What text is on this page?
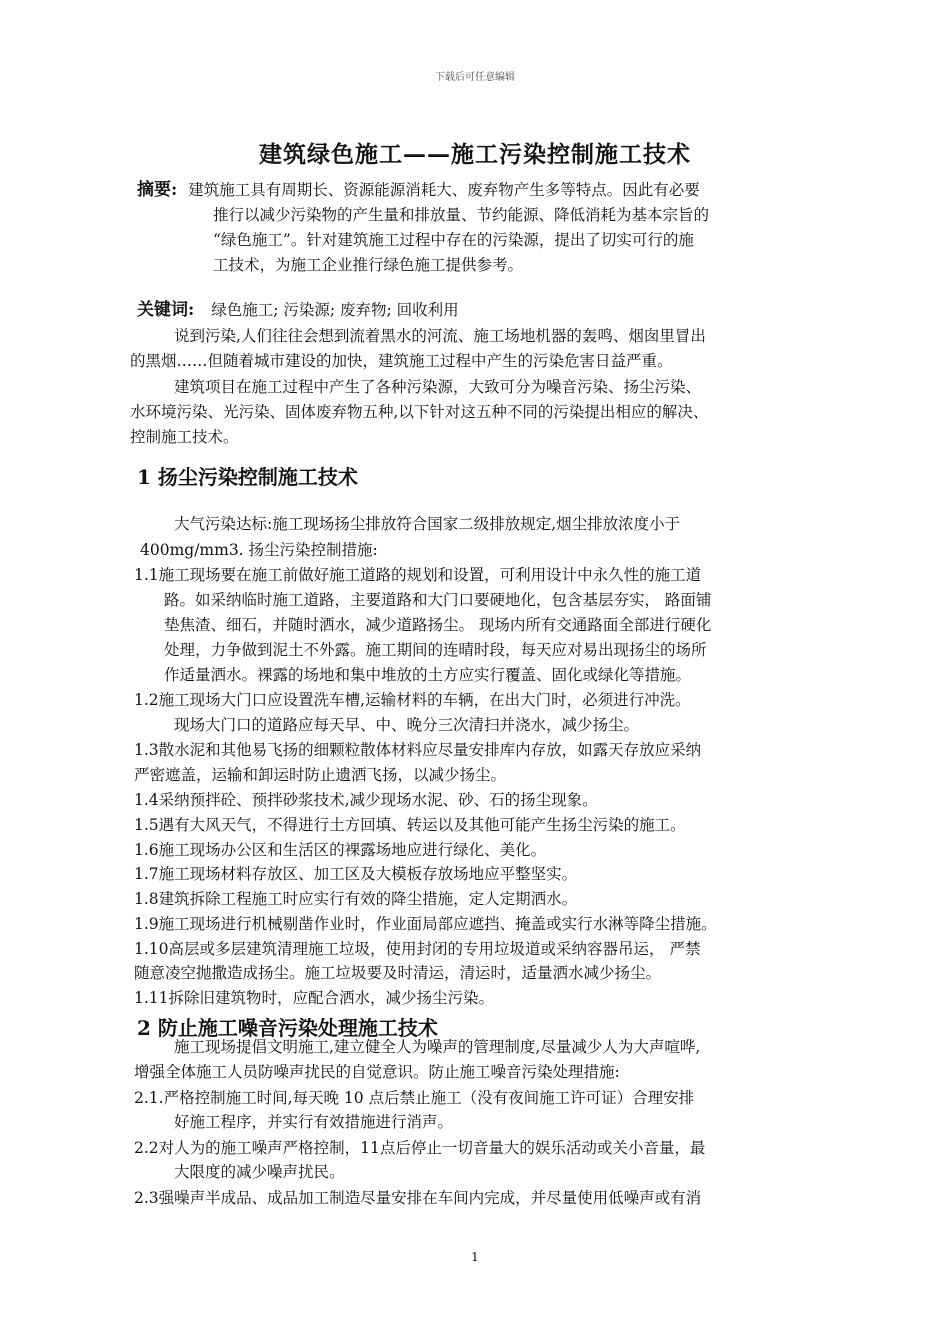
下载后可任意编辑
建筑绿色施工——施工污染控制施工技术
摘要: 建筑施工具有周期长、资源能源消耗大、废弃物产生多等特点。因此有必要
推行以减少污染物的产生量和排放量、节约能源、降低消耗为基本宗旨的
“绿色施工”。针对建筑施工过程中存在的污染源，提出了切实可行的施
工技术，为施工企业推行绿色施工提供参考。
关键词: 绿色施工; 污染源; 废弃物; 回收利用
说到污染,人们往往会想到流着黑水的河流、施工场地机器的轰鸣、烟囱里冒出
的黑烟……但随着城市建设的加快，建筑施工过程中产生的污染危害日益严重。
建筑项目在施工过程中产生了各种污染源，大致可分为噪音污染、扬尘污染、
水环境污染、光污染、固体废弃物五种,以下针对这五种不同的污染提出相应的解决、
控制施工技术。
1 扬尘污染控制施工技术
大气污染达标:施工现场扬尘排放符合国家二级排放规定,烟尘排放浓度小于
400mg/mm3. 扬尘污染控制措施:
1.1施工现场要在施工前做好施工道路的规划和设置，可利用设计中永久性的施工道
路。如采纳临时施工道路，主要道路和大门口要硬地化，包含基层夯实， 路面铺
垫焦渣、细石，并随时洒水，减少道路扬尘。 现场内所有交通路面全部进行硬化
处理，力争做到泥土不外露。施工期间的连晴时段，每天应对易出现扬尘的场所
作适量洒水。裸露的场地和集中堆放的土方应实行覆盖、固化或绿化等措施。
1.2施工现场大门口应设置洗车槽,运输材料的车辆，在出大门时，必须进行冲洗。
现场大门口的道路应每天早、中、晚分三次清扫并浇水，减少扬尘。
1.3散水泥和其他易飞扬的细颗粒散体材料应尽量安排库内存放，如露天存放应采纳
严密遮盖，运输和卸运时防止遗洒飞扬，以减少扬尘。
1.4采纳预拌砼、预拌砂浆技术,减少现场水泥、砂、石的扬尘现象。
1.5遇有大风天气，不得进行土方回填、转运以及其他可能产生扬尘污染的施工。
1.6施工现场办公区和生活区的裸露场地应进行绿化、美化。
1.7施工现场材料存放区、加工区及大模板存放场地应平整坚实。
1.8建筑拆除工程施工时应实行有效的降尘措施，定人定期洒水。
1.9施工现场进行机械剔凿作业时，作业面局部应遮挡、掩盖或实行水淋等降尘措施。
1.10高层或多层建筑清理施工垃圾，使用封闭的专用垃圾道或采纳容器吊运， 严禁
随意凌空抛撒造成扬尘。施工垃圾要及时清运，清运时，适量洒水减少扬尘。
1.11拆除旧建筑物时，应配合洒水，减少扬尘污染。
2 防止施工噪音污染处理施工技术
施工现场提倡文明施工,建立健全人为噪声的管理制度,尽量减少人为大声喧哗,
增强全体施工人员防噪声扰民的自觉意识。防止施工噪音污染处理措施:
2.1.严格控制施工时间,每天晚 10 点后禁止施工（没有夜间施工许可证）合理安排
好施工程序，并实行有效措施进行消声。
2.2对人为的施工噪声严格控制，11点后停止一切音量大的娱乐活动或关小音量，最
大限度的减少噪声扰民。
2.3强噪声半成品、成品加工制造尽量安排在车间内完成，并尽量使用低噪声或有消
1
